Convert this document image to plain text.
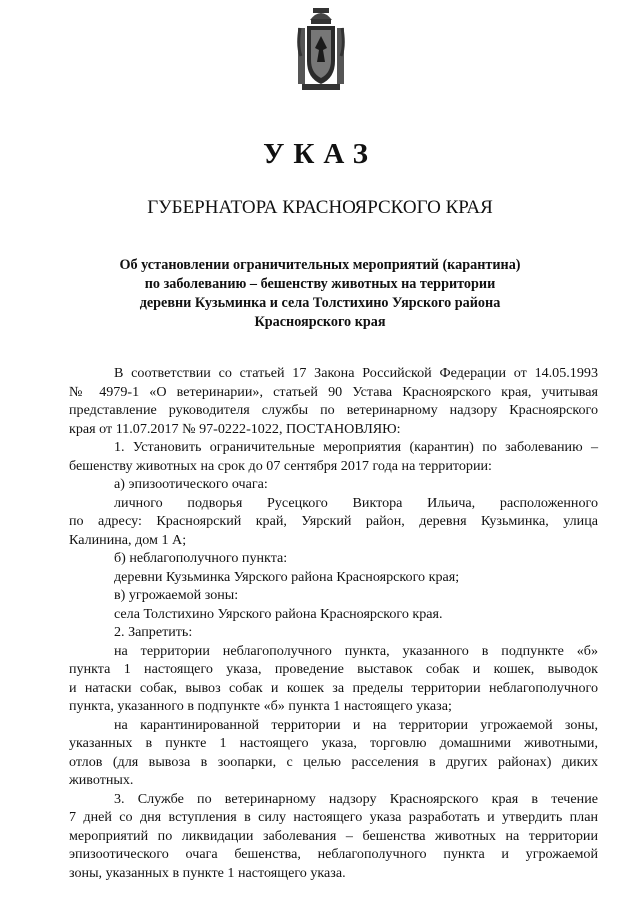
УКАЗ
ГУБЕРНАТОРА КРАСНОЯРСКОГО КРАЯ
Об установлении ограничительных мероприятий (карантина)
по заболеванию – бешенству животных на территории
деревни Кузьминка и села Толстихино Уярского района
Красноярского края
В соответствии со статьей 17 Закона Российской Федерации от 14.05.1993
№ 4979-1 «О ветеринарии», статьей 90 Устава Красноярского края, учитывая
представление руководителя службы по ветеринарному надзору Красноярского
края от 11.07.2017 № 97-0222-1022, ПОСТАНОВЛЯЮ:
1. Установить ограничительные мероприятия (карантин) по заболеванию –
бешенству животных на срок до 07 сентября 2017 года на территории:
а) эпизоотического очага:
личного подворья Русецкого Виктора Ильича, расположенного
по адресу: Красноярский край, Уярский район, деревня Кузьминка, улица
Калинина, дом 1 А;
б) неблагополучного пункта:
деревни Кузьминка Уярского района Красноярского края;
в) угрожаемой зоны:
села Толстихино Уярского района Красноярского края.
2. Запретить:
на территории неблагополучного пункта, указанного в подпункте «б»
пункта 1 настоящего указа, проведение выставок собак и кошек, выводок
и натаски собак, вывоз собак и кошек за пределы территории неблагополучного
пункта, указанного в подпункте «б» пункта 1 настоящего указа;
на карантинированной территории и на территории угрожаемой зоны,
указанных в пункте 1 настоящего указа, торговлю домашними животными,
отлов (для вывоза в зоопарки, с целью расселения в других районах) диких
животных.
3. Службе по ветеринарному надзору Красноярского края в течение
7 дней со дня вступления в силу настоящего указа разработать и утвердить план
мероприятий по ликвидации заболевания – бешенства животных на территории
эпизоотического очага бешенства, неблагополучного пункта и угрожаемой
зоны, указанных в пункте 1 настоящего указа.
